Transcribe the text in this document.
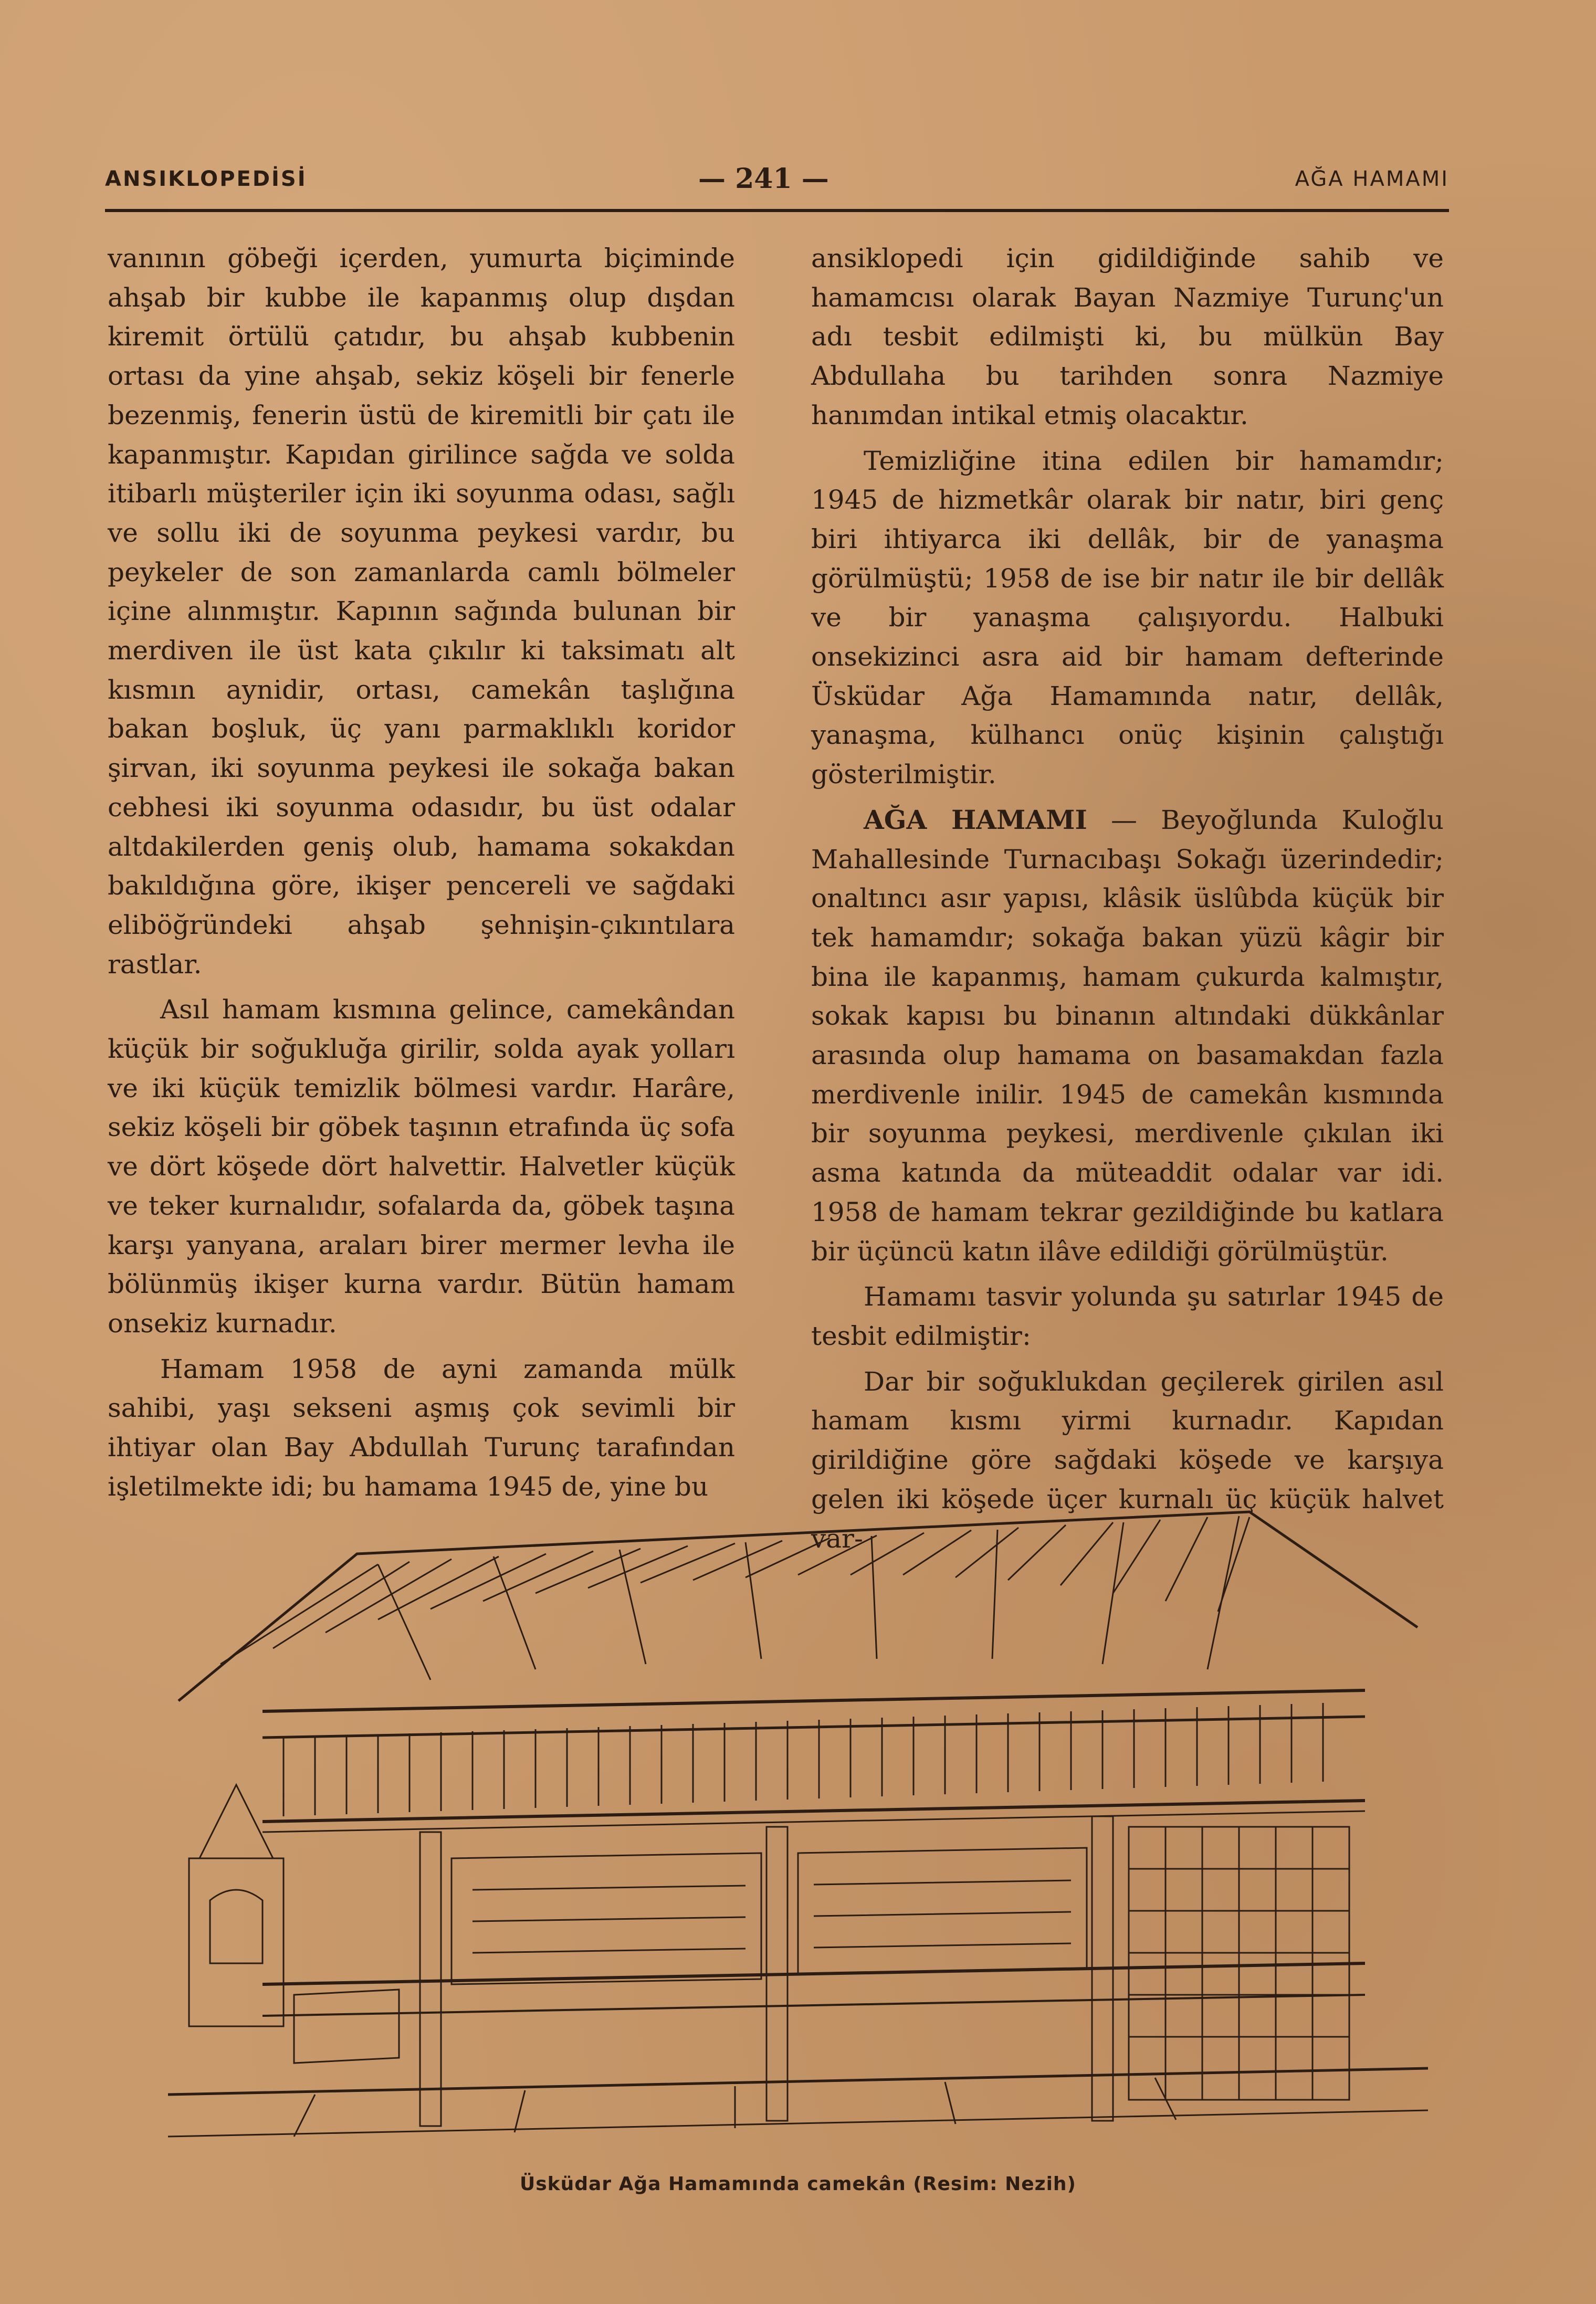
ANSIKLOPEDİSİ	— 241 —	AĞA HAMAMI

vanının göbeği içerden, yumurta biçiminde ahşab bir kubbe ile kapanmış olup dışdan kiremit örtülü çatıdır, bu ahşab kubbenin ortası da yine ahşab, sekiz köşeli bir fenerle bezenmiş, fenerin üstü de kiremitli bir çatı ile kapanmıştır. Kapıdan girilince sağda ve solda itibarlı müşteriler için iki soyunma odası, sağlı ve sollu iki de soyunma peykesi vardır, bu peykeler de son zamanlarda camlı bölmeler içine alınmıştır. Kapının sağında bulunan bir merdiven ile üst kata çıkılır ki taksimatı alt kısmın aynidir, ortası, camekân taşlığına bakan boşluk, üç yanı parmaklıklı koridor şirvan, iki soyunma peykesi ile sokağa bakan cebhesi iki soyunma odasıdır, bu üst odalar altdakilerden geniş olub, hamama sokakdan bakıldığına göre, ikişer pencereli ve sağdaki eliböğründeki ahşab şehnişin-çıkıntılara rastlar.

Asıl hamam kısmına gelince, camekândan küçük bir soğukluğa girilir, solda ayak yolları ve iki küçük temizlik bölmesi vardır. Harâre, sekiz köşeli bir göbek taşının etrafında üç sofa ve dört köşede dört halvettir. Halvetler küçük ve teker kurnalıdır, sofalarda da, göbek taşına karşı yanyana, araları birer mermer levha ile bölünmüş ikişer kurna vardır. Bütün hamam onsekiz kurnadır.

Hamam 1958 de ayni zamanda mülk sahibi, yaşı sekseni aşmış çok sevimli bir ihtiyar olan Bay Abdullah Turunç tarafından işletilmekte idi; bu hamama 1945 de, yine bu

ansiklopedi için gidildiğinde sahib ve hamamcısı olarak Bayan Nazmiye Turunç'un adı tesbit edilmişti ki, bu mülkün Bay Abdullaha bu tarihden sonra Nazmiye hanımdan intikal etmiş olacaktır.

Temizliğine itina edilen bir hamamdır; 1945 de hizmetkâr olarak bir natır, biri genç biri ihtiyarca iki dellâk, bir de yanaşma görülmüştü; 1958 de ise bir natır ile bir dellâk ve bir yanaşma çalışıyordu. Halbuki onsekizinci asra aid bir hamam defterinde Üsküdar Ağa Hamamında natır, dellâk, yanaşma, külhancı onüç kişinin çalıştığı gösterilmiştir.

AĞA HAMAMI — Beyoğlunda Kuloğlu Mahallesinde Turnacıbaşı Sokağı üzerindedir; onaltıncı asır yapısı, klâsik üslûbda küçük bir tek hamamdır; sokağa bakan yüzü kâgir bir bina ile kapanmış, hamam çukurda kalmıştır, sokak kapısı bu binanın altındaki dükkânlar arasında olup hamama on basamakdan fazla merdivenle inilir. 1945 de camekân kısmında bir soyunma peykesi, merdivenle çıkılan iki asma katında da müteaddit odalar var idi. 1958 de hamam tekrar gezildiğinde bu katlara bir üçüncü katın ilâve edildiği görülmüştür.

Hamamı tasvir yolunda şu satırlar 1945 de tesbit edilmiştir:

Dar bir soğuklukdan geçilerek girilen asıl hamam kısmı yirmi kurnadır. Kapıdan girildiğine göre sağdaki köşede ve karşıya gelen iki köşede üçer kurnalı üç küçük halvet var-

Üsküdar Ağa Hamamında camekân (Resim: Nezih)
